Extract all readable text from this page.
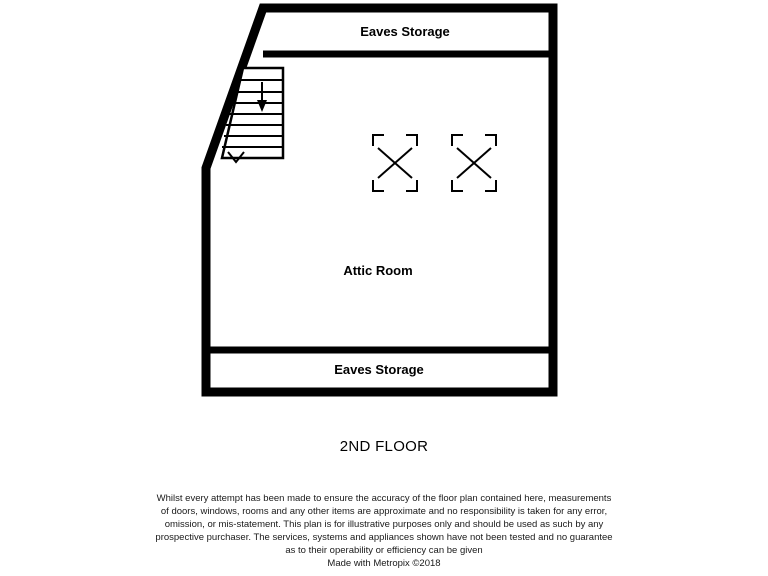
Eaves Storage
Attic Room
Eaves Storage
2ND FLOOR

Whilst every attempt has been made to ensure the accuracy of the floor plan contained here, measurements

of doors, windows, rooms and any other items are approximate and no responsibility is taken for any error,

omission, or mis-statement. This plan is for illustrative purposes only and should be used as such by any

prospective purchaser. The services, systems and appliances shown have not been tested and no guarantee

as to their operability or efficiency can be given

Made with Metropix ©2018
